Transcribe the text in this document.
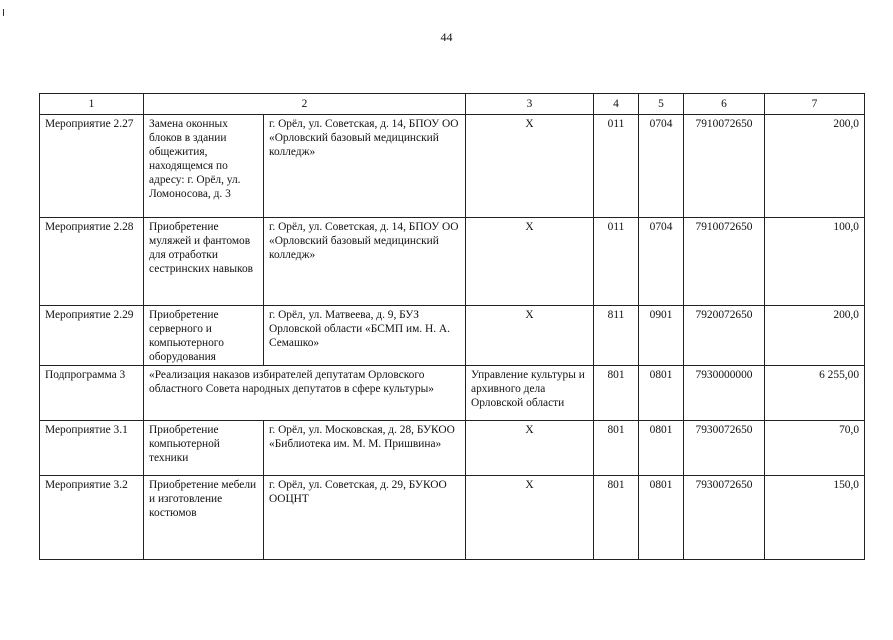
44
1	2		3	4	5	6	7
Мероприятие 2.27	Замена оконных блоков в здании общежития, находящемся по адресу: г. Орёл, ул. Ломоносова, д. 3	г. Орёл, ул. Советская, д. 14, БПОУ ОО «Орловский базовый медицинский колледж»	Х	011	0704	7910072650	200,0
Мероприятие 2.28	Приобретение муляжей и фантомов для отработки сестринских навыков	г. Орёл, ул. Советская, д. 14, БПОУ ОО «Орловский базовый медицинский колледж»	Х	011	0704	7910072650	100,0
Мероприятие 2.29	Приобретение серверного и компьютерного оборудования	г. Орёл, ул. Матвеева, д. 9, БУЗ Орловской области «БСМП им. Н. А. Семашко»	Х	811	0901	7920072650	200,0
Подпрограмма 3	«Реализация наказов избирателей депутатам Орловского областного Совета народных депутатов в сфере культуры»		Управление культуры и архивного дела Орловской области	801	0801	7930000000	6 255,00
Мероприятие 3.1	Приобретение компьютерной техники	г. Орёл, ул. Московская, д. 28, БУКОО «Библиотека им. М. М. Пришвина»	Х	801	0801	7930072650	70,0
Мероприятие 3.2	Приобретение мебели и изготовление костюмов	г. Орёл, ул. Советская, д. 29, БУКОО ООЦНТ	Х	801	0801	7930072650	150,0
